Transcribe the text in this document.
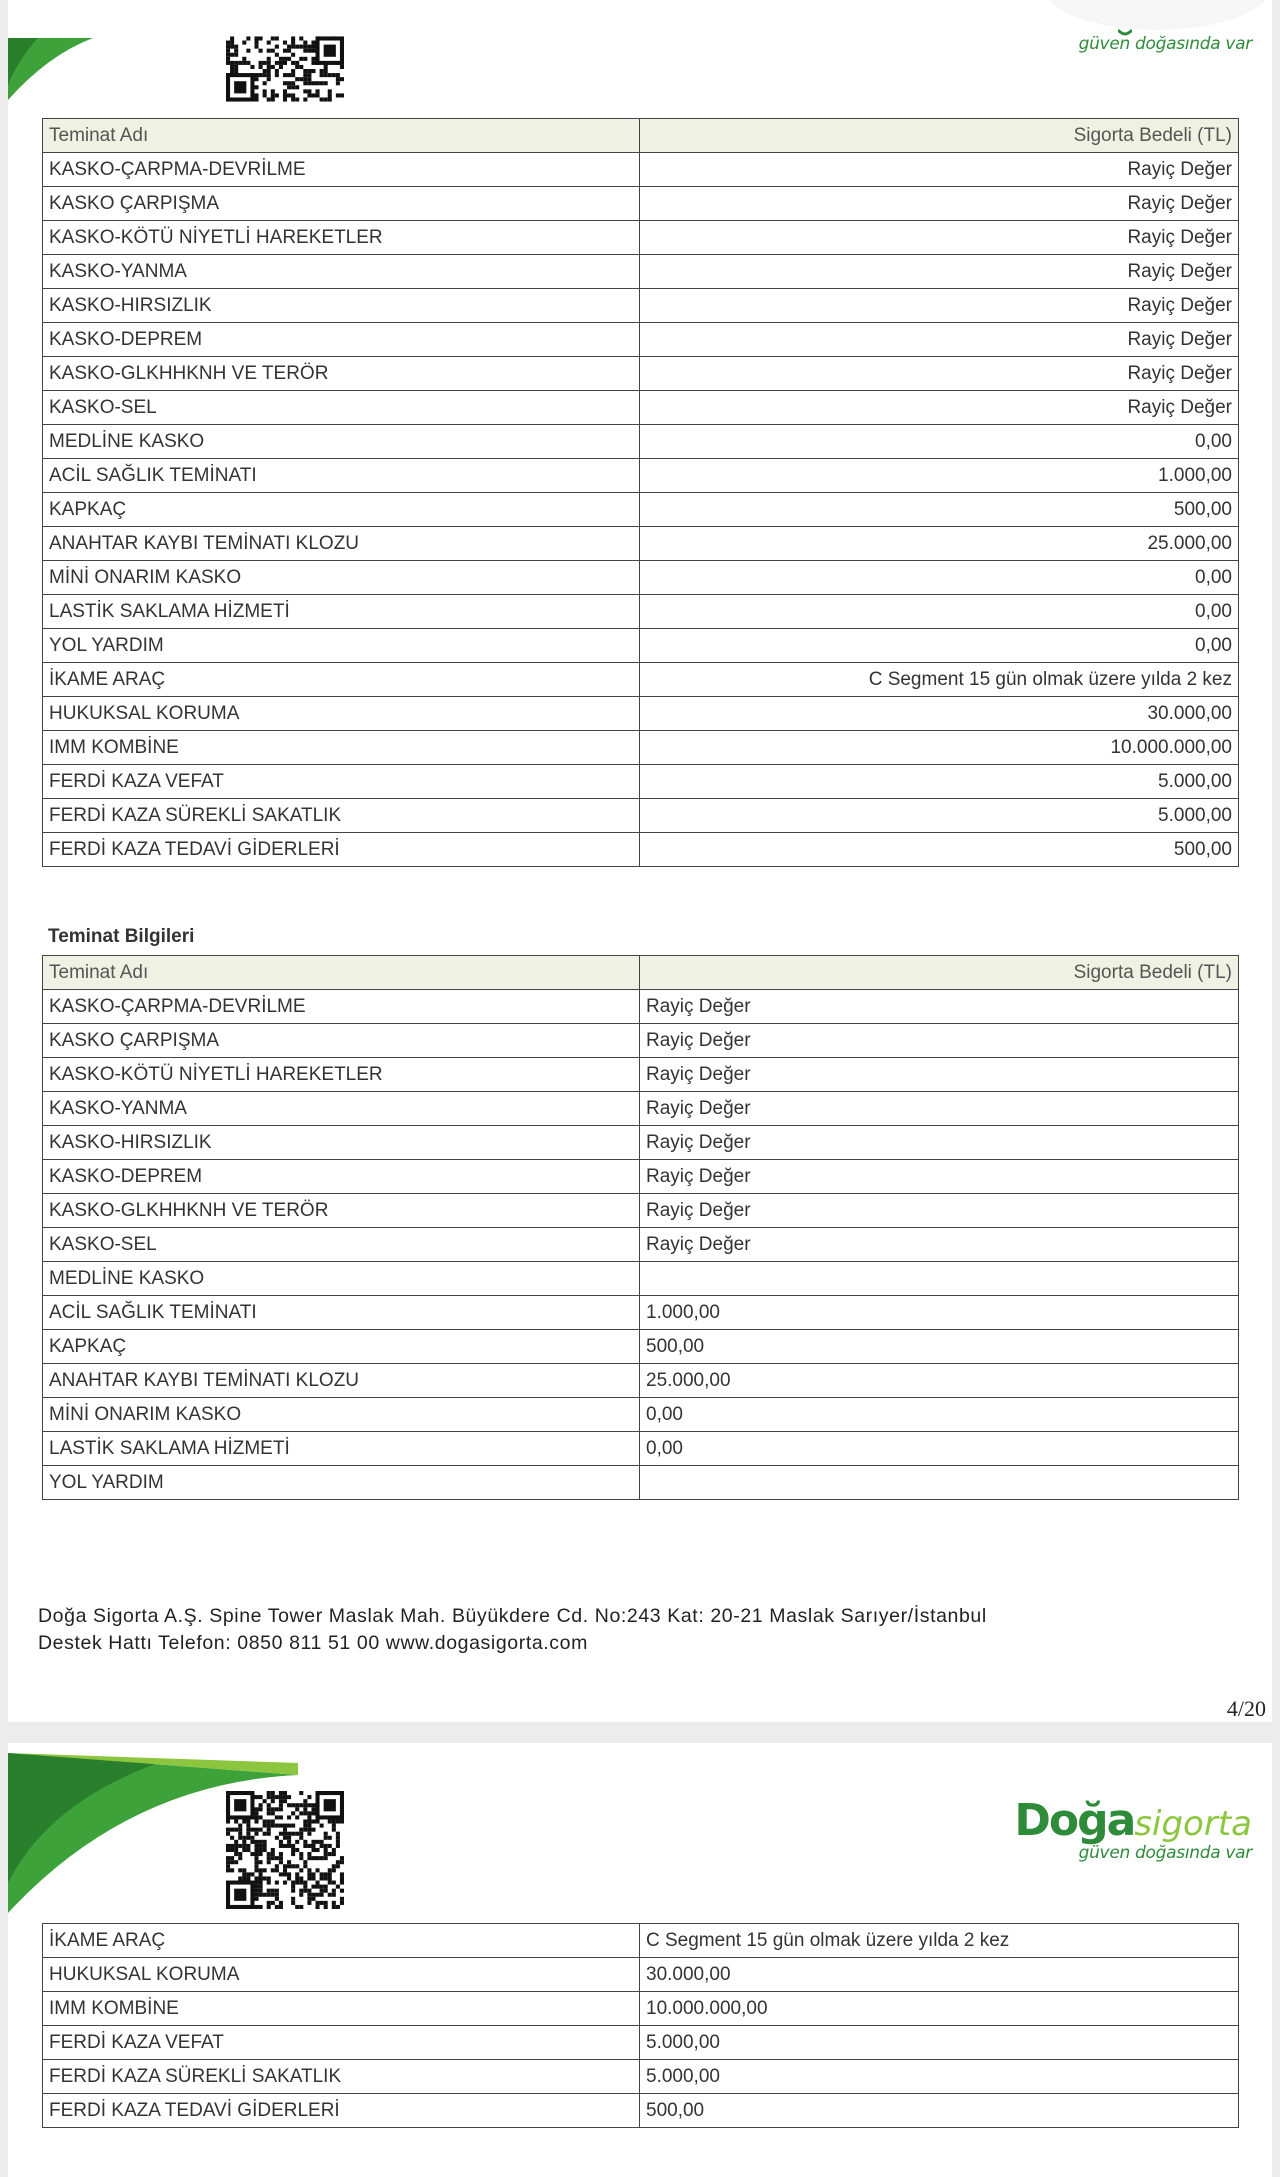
güven doğasında var
Teminat Adı	Sigorta Bedeli (TL)
KASKO-ÇARPMA-DEVRİLME	Rayiç Değer
KASKO ÇARPIŞMA	Rayiç Değer
KASKO-KÖTÜ NİYETLİ HAREKETLER	Rayiç Değer
KASKO-YANMA	Rayiç Değer
KASKO-HIRSIZLIK	Rayiç Değer
KASKO-DEPREM	Rayiç Değer
KASKO-GLKHHKNH VE TERÖR	Rayiç Değer
KASKO-SEL	Rayiç Değer
MEDLİNE KASKO	0,00
ACİL SAĞLIK TEMİNATI	1.000,00
KAPKAÇ	500,00
ANAHTAR KAYBI TEMİNATI KLOZU	25.000,00
MİNİ ONARIM KASKO	0,00
LASTİK SAKLAMA HİZMETİ	0,00
YOL YARDIM	0,00
İKAME ARAÇ	C Segment 15 gün olmak üzere yılda 2 kez
HUKUKSAL KORUMA	30.000,00
IMM KOMBİNE	10.000.000,00
FERDİ KAZA VEFAT	5.000,00
FERDİ KAZA SÜREKLİ SAKATLIK	5.000,00
FERDİ KAZA TEDAVİ GİDERLERİ	500,00
Teminat Bilgileri
Teminat Adı	Sigorta Bedeli (TL)
KASKO-ÇARPMA-DEVRİLME	Rayiç Değer
KASKO ÇARPIŞMA	Rayiç Değer
KASKO-KÖTÜ NİYETLİ HAREKETLER	Rayiç Değer
KASKO-YANMA	Rayiç Değer
KASKO-HIRSIZLIK	Rayiç Değer
KASKO-DEPREM	Rayiç Değer
KASKO-GLKHHKNH VE TERÖR	Rayiç Değer
KASKO-SEL	Rayiç Değer
MEDLİNE KASKO	
ACİL SAĞLIK TEMİNATI	1.000,00
KAPKAÇ	500,00
ANAHTAR KAYBI TEMİNATI KLOZU	25.000,00
MİNİ ONARIM KASKO	0,00
LASTİK SAKLAMA HİZMETİ	0,00
YOL YARDIM	
Doğa Sigorta A.Ş. Spine Tower Maslak Mah. Büyükdere Cd. No:243 Kat: 20-21 Maslak Sarıyer/İstanbul
Destek Hattı Telefon: 0850 811 51 00 www.dogasigorta.com
4/20
Doğasigorta
güven doğasında var
İKAME ARAÇ	C Segment 15 gün olmak üzere yılda 2 kez
HUKUKSAL KORUMA	30.000,00
IMM KOMBİNE	10.000.000,00
FERDİ KAZA VEFAT	5.000,00
FERDİ KAZA SÜREKLİ SAKATLIK	5.000,00
FERDİ KAZA TEDAVİ GİDERLERİ	500,00
